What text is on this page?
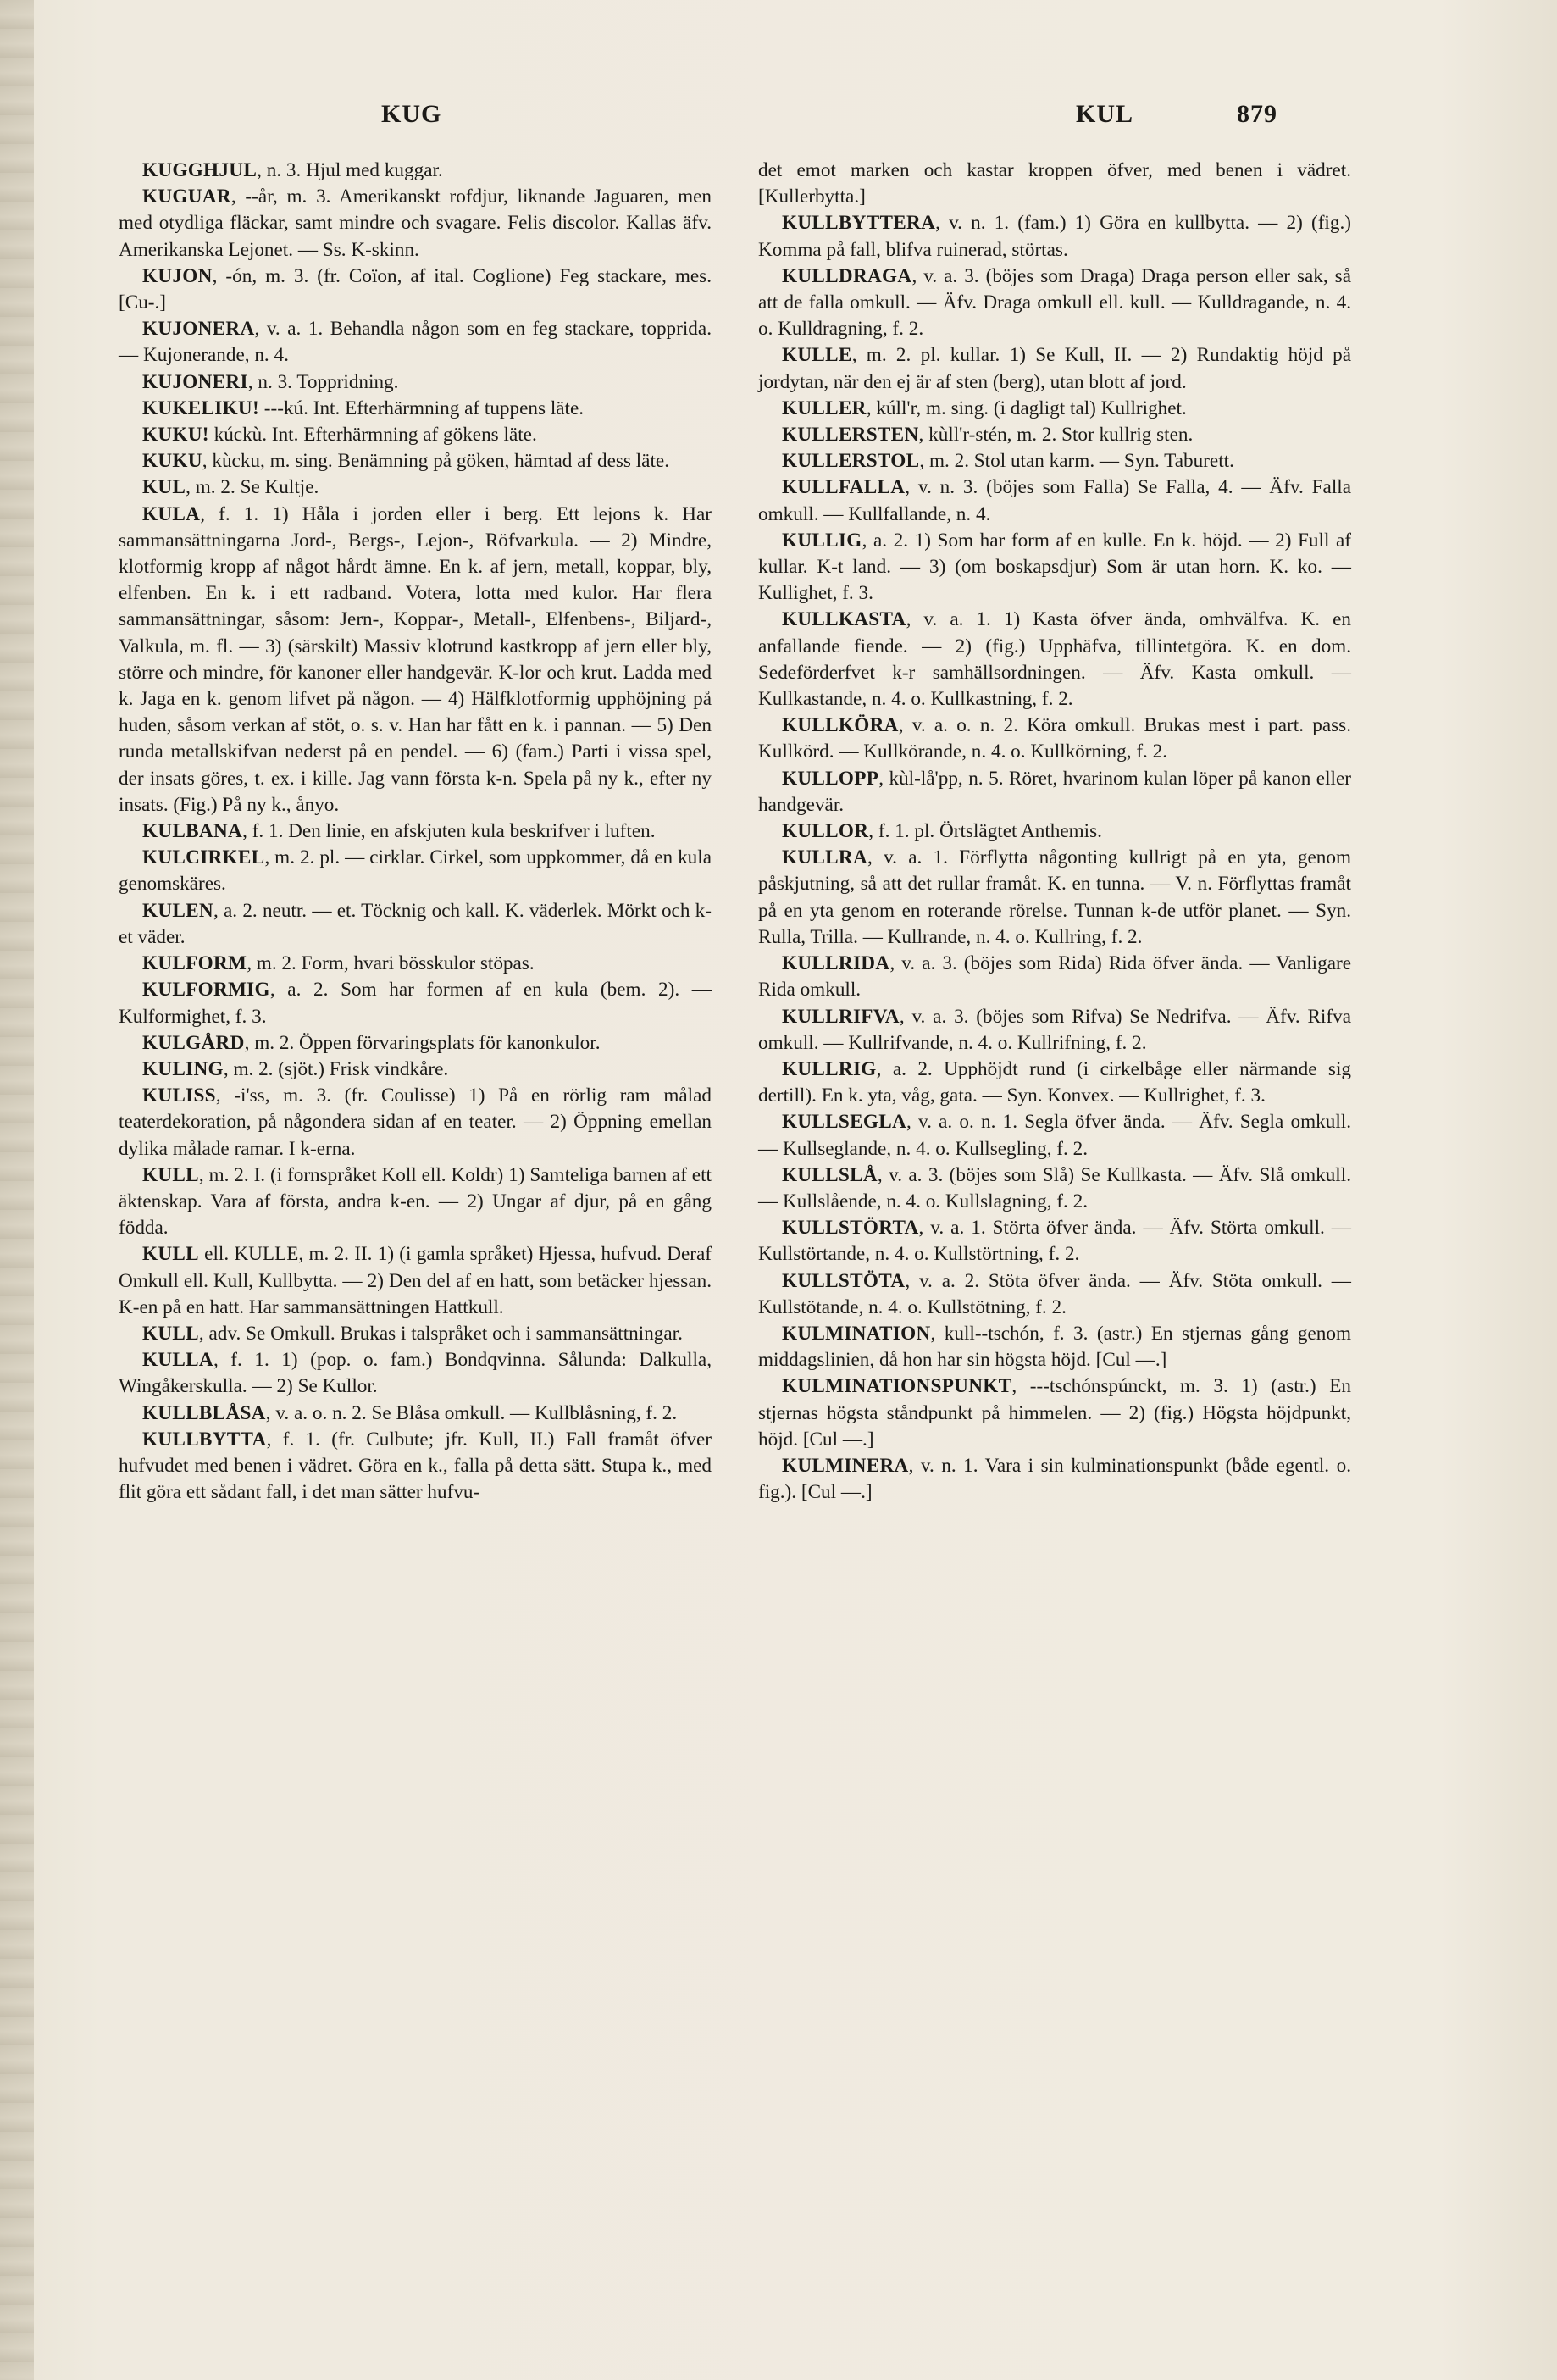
KUG	KUL	879

KUGGHJUL, n. 3. Hjul med kuggar.

KUGUAR, --år, m. 3. Amerikanskt rofdjur, liknande Jaguaren, men med otydliga fläckar, samt mindre och svagare. Felis discolor. Kallas äfv. Amerikanska Lejonet. — Ss. K-skinn.

KUJON, -ón, m. 3. (fr. Coïon, af ital. Coglione) Feg stackare, mes. [Cu-.]

KUJONERA, v. a. 1. Behandla någon som en feg stackare, topprida. — Kujonerande, n. 4.

KUJONERI, n. 3. Toppridning.

KUKELIKU! ---kú. Int. Efterhärmning af tuppens läte.

KUKU! kúckù. Int. Efterhärmning af gökens läte.

KUKU, kùcku, m. sing. Benämning på göken, hämtad af dess läte.

KUL, m. 2. Se Kultje.

KULA, f. 1. 1) Håla i jorden eller i berg. Ett lejons k. Har sammansättningarna Jord-, Bergs-, Lejon-, Röfvarkula. — 2) Mindre, klotformig kropp af något hårdt ämne. En k. af jern, metall, koppar, bly, elfenben. En k. i ett radband. Votera, lotta med kulor. Har flera sammansättningar, såsom: Jern-, Koppar-, Metall-, Elfenbens-, Biljard-, Valkula, m. fl. — 3) (särskilt) Massiv klotrund kastkropp af jern eller bly, större och mindre, för kanoner eller handgevär. K-lor och krut. Ladda med k. Jaga en k. genom lifvet på någon. — 4) Hälfklotformig upphöjning på huden, såsom verkan af stöt, o. s. v. Han har fått en k. i pannan. — 5) Den runda metallskifvan nederst på en pendel. — 6) (fam.) Parti i vissa spel, der insats göres, t. ex. i kille. Jag vann första k-n. Spela på ny k., efter ny insats. (Fig.) På ny k., ånyo.

KULBANA, f. 1. Den linie, en afskjuten kula beskrifver i luften.

KULCIRKEL, m. 2. pl. — cirklar. Cirkel, som uppkommer, då en kula genomskäres.

KULEN, a. 2. neutr. — et. Töcknig och kall. K. väderlek. Mörkt och k-et väder.

KULFORM, m. 2. Form, hvari bösskulor stöpas.

KULFORMIG, a. 2. Som har formen af en kula (bem. 2). — Kulformighet, f. 3.

KULGÅRD, m. 2. Öppen förvaringsplats för kanonkulor.

KULING, m. 2. (sjöt.) Frisk vindkåre.

KULISS, -i'ss, m. 3. (fr. Coulisse) 1) På en rörlig ram målad teaterdekoration, på någondera sidan af en teater. — 2) Öppning emellan dylika målade ramar. I k-erna.

KULL, m. 2. I. (i fornspråket Koll ell. Koldr) 1) Samteliga barnen af ett äktenskap. Vara af första, andra k-en. — 2) Ungar af djur, på en gång födda.

KULL ell. KULLE, m. 2. II. 1) (i gamla språket) Hjessa, hufvud. Deraf Omkull ell. Kull, Kullbytta. — 2) Den del af en hatt, som betäcker hjessan. K-en på en hatt. Har sammansättningen Hattkull.

KULL, adv. Se Omkull. Brukas i talspråket och i sammansättningar.

KULLA, f. 1. 1) (pop. o. fam.) Bondqvinna. Sålunda: Dalkulla, Wingåkerskulla. — 2) Se Kullor.

KULLBLÅSA, v. a. o. n. 2. Se Blåsa omkull. — Kullblåsning, f. 2.

KULLBYTTA, f. 1. (fr. Culbute; jfr. Kull, II.) Fall framåt öfver hufvudet med benen i vädret. Göra en k., falla på detta sätt. Stupa k., med flit göra ett sådant fall, i det man sätter hufvu-

det emot marken och kastar kroppen öfver, med benen i vädret. [Kullerbytta.]

KULLBYTTERA, v. n. 1. (fam.) 1) Göra en kullbytta. — 2) (fig.) Komma på fall, blifva ruinerad, störtas.

KULLDRAGA, v. a. 3. (böjes som Draga) Draga person eller sak, så att de falla omkull. — Äfv. Draga omkull ell. kull. — Kulldragande, n. 4. o. Kulldragning, f. 2.

KULLE, m. 2. pl. kullar. 1) Se Kull, II. — 2) Rundaktig höjd på jordytan, när den ej är af sten (berg), utan blott af jord.

KULLER, kúll'r, m. sing. (i dagligt tal) Kullrighet.

KULLERSTEN, kùll'r-stén, m. 2. Stor kullrig sten.

KULLERSTOL, m. 2. Stol utan karm. — Syn. Taburett.

KULLFALLA, v. n. 3. (böjes som Falla) Se Falla, 4. — Äfv. Falla omkull. — Kullfallande, n. 4.

KULLIG, a. 2. 1) Som har form af en kulle. En k. höjd. — 2) Full af kullar. K-t land. — 3) (om boskapsdjur) Som är utan horn. K. ko. — Kullighet, f. 3.

KULLKASTA, v. a. 1. 1) Kasta öfver ända, omhvälfva. K. en anfallande fiende. — 2) (fig.) Upphäfva, tillintetgöra. K. en dom. Sedeförderfvet k-r samhällsordningen. — Äfv. Kasta omkull. — Kullkastande, n. 4. o. Kullkastning, f. 2.

KULLKÖRA, v. a. o. n. 2. Köra omkull. Brukas mest i part. pass. Kullkörd. — Kullkörande, n. 4. o. Kullkörning, f. 2.

KULLOPP, kùl-lå'pp, n. 5. Röret, hvarinom kulan löper på kanon eller handgevär.

KULLOR, f. 1. pl. Örtslägtet Anthemis.

KULLRA, v. a. 1. Förflytta någonting kullrigt på en yta, genom påskjutning, så att det rullar framåt. K. en tunna. — V. n. Förflyttas framåt på en yta genom en roterande rörelse. Tunnan k-de utför planet. — Syn. Rulla, Trilla. — Kullrande, n. 4. o. Kullring, f. 2.

KULLRIDA, v. a. 3. (böjes som Rida) Rida öfver ända. — Vanligare Rida omkull.

KULLRIFVA, v. a. 3. (böjes som Rifva) Se Nedrifva. — Äfv. Rifva omkull. — Kullrifvande, n. 4. o. Kullrifning, f. 2.

KULLRIG, a. 2. Upphöjdt rund (i cirkelbåge eller närmande sig dertill). En k. yta, våg, gata. — Syn. Konvex. — Kullrighet, f. 3.

KULLSEGLA, v. a. o. n. 1. Segla öfver ända. — Äfv. Segla omkull. — Kullseglande, n. 4. o. Kullsegling, f. 2.

KULLSLÅ, v. a. 3. (böjes som Slå) Se Kullkasta. — Äfv. Slå omkull. — Kullslående, n. 4. o. Kullslagning, f. 2.

KULLSTÖRTA, v. a. 1. Störta öfver ända. — Äfv. Störta omkull. — Kullstörtande, n. 4. o. Kullstörtning, f. 2.

KULLSTÖTA, v. a. 2. Stöta öfver ända. — Äfv. Stöta omkull. — Kullstötande, n. 4. o. Kullstötning, f. 2.

KULMINATION, kull--tschón, f. 3. (astr.) En stjernas gång genom middagslinien, då hon har sin högsta höjd. [Cul —.]

KULMINATIONSPUNKT, ---tschónspúnckt, m. 3. 1) (astr.) En stjernas högsta ståndpunkt på himmelen. — 2) (fig.) Högsta höjdpunkt, höjd. [Cul —.]

KULMINERA, v. n. 1. Vara i sin kulminationspunkt (både egentl. o. fig.). [Cul —.]
